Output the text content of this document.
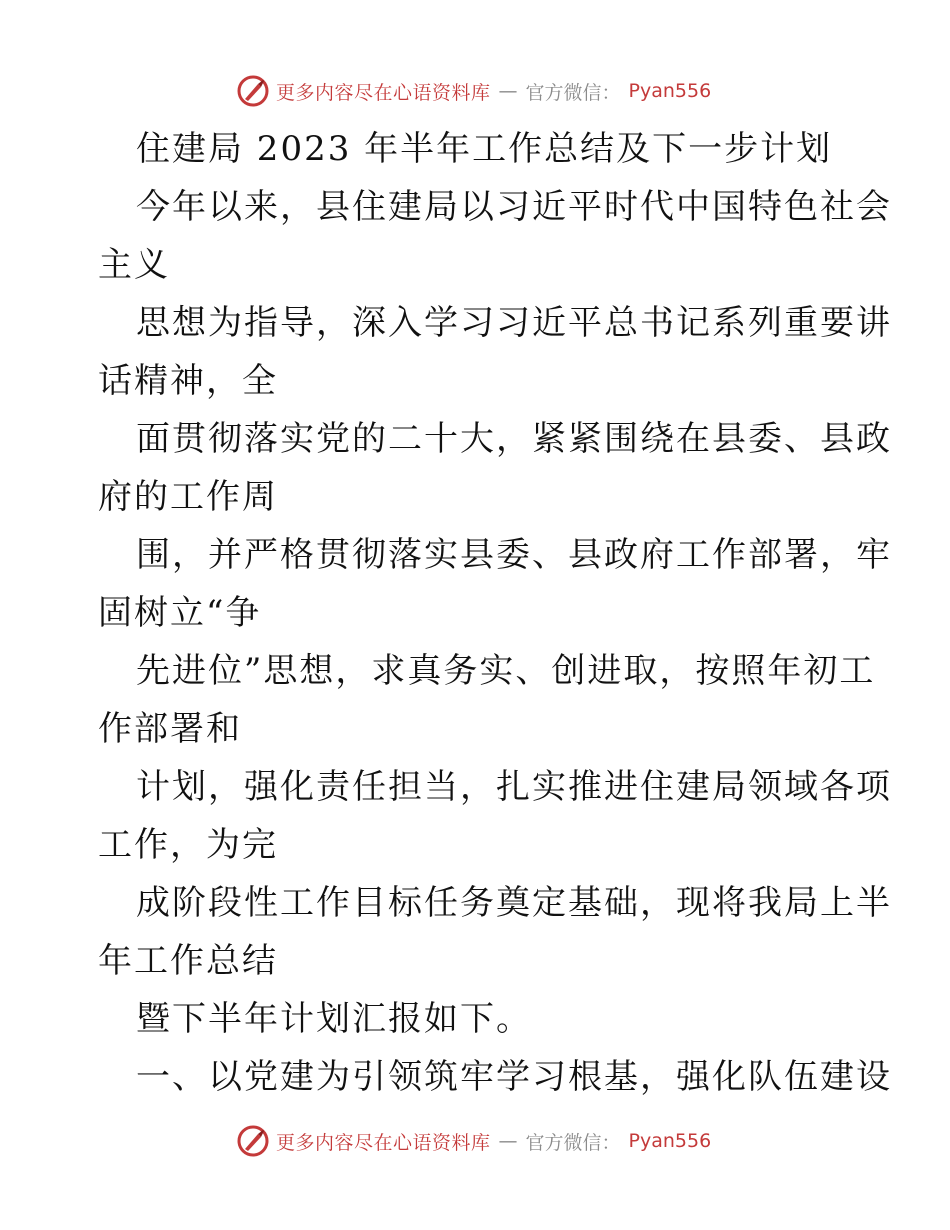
更多内容尽在心语资料库 — 官方微信： Pyan556
住建局 2023 年半年工作总结及下一步计划
今年以来，县住建局以习近平时代中国特色社会
主义
思想为指导，深入学习习近平总书记系列重要讲
话精神，全
面贯彻落实党的二十大，紧紧围绕在县委、县政
府的工作周
围，并严格贯彻落实县委、县政府工作部署，牢
固树立“争
先进位”思想，求真务实、创进取，按照年初工
作部署和
计划，强化责任担当，扎实推进住建局领域各项
工作，为完
成阶段性工作目标任务奠定基础，现将我局上半
年工作总结
暨下半年计划汇报如下。
一、以党建为引领筑牢学习根基，强化队伍建设
更多内容尽在心语资料库 — 官方微信： Pyan556
